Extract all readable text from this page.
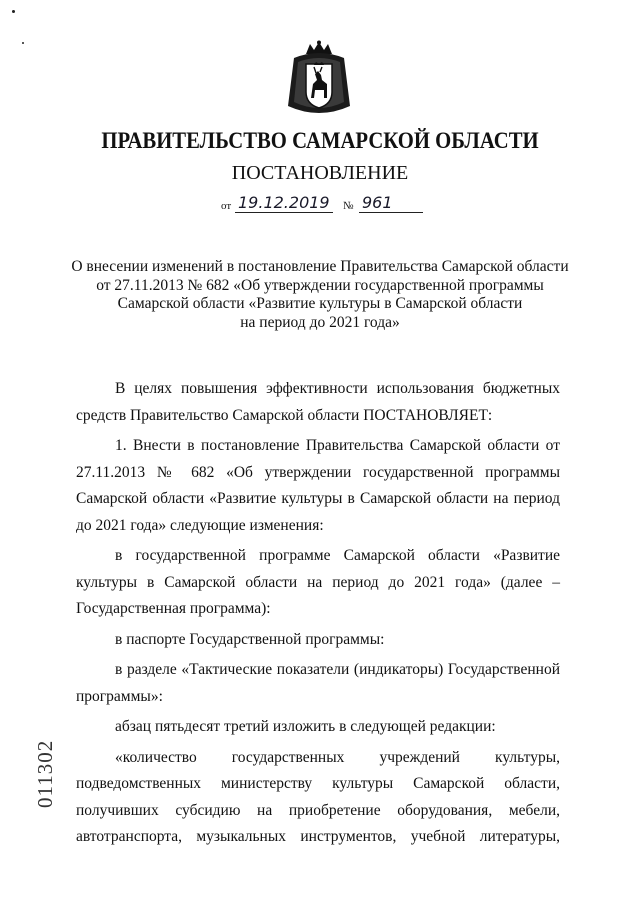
ПРАВИТЕЛЬСТВО САМАРСКОЙ ОБЛАСТИ
ПОСТАНОВЛЕНИЕ
от 19.12.2019	№ 961
О внесении изменений в постановление Правительства Самарской области
от 27.11.2013 № 682 «Об утверждении государственной программы
Самарской области «Развитие культуры в Самарской области
на период до 2021 года»
В целях повышения эффективности использования бюджетных средств Правительство Самарской области ПОСТАНОВЛЯЕТ:
1. Внести в постановление Правительства Самарской области от 27.11.2013 № 682 «Об утверждении государственной программы Самарской области «Развитие культуры в Самарской области на период до 2021 года» следующие изменения:
в государственной программе Самарской области «Развитие культуры в Самарской области на период до 2021 года» (далее – Государственная программа):
в паспорте Государственной программы:
в разделе «Тактические показатели (индикаторы) Государственной программы»:
абзац пятьдесят третий изложить в следующей редакции:
«количество государственных учреждений культуры, подведомственных министерству культуры Самарской области, получивших субсидию на приобретение оборудования, мебели, автотранспорта, музыкальных инструментов, учебной литературы,
011302
